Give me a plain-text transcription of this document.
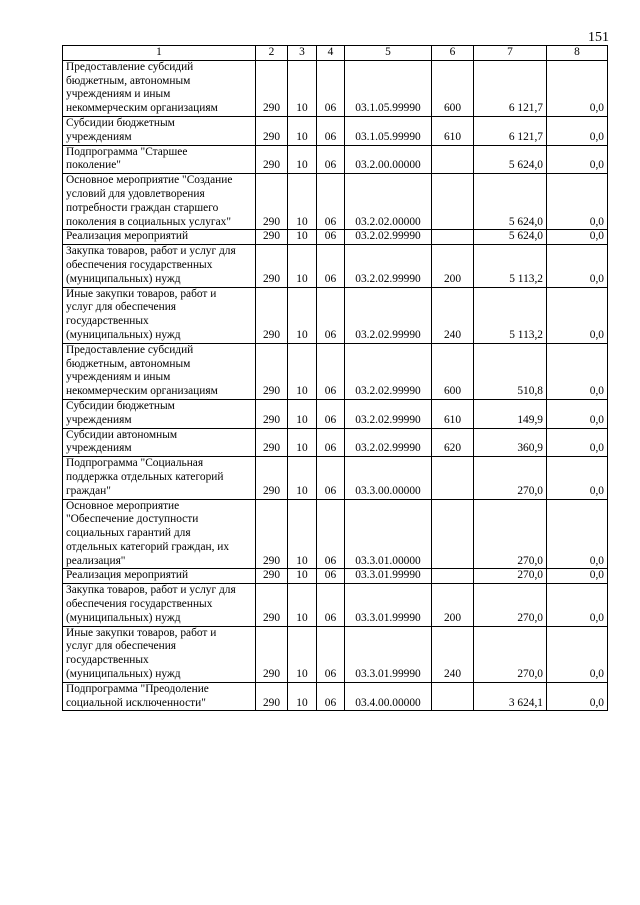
151
1	2	3	4	5	6	7	8
Предоставление субсидий
бюджетным, автономным
учреждениям и иным
некоммерческим организациям	290	10	06	03.1.05.99990	600	6 121,7	0,0
Субсидии бюджетным
учреждениям	290	10	06	03.1.05.99990	610	6 121,7	0,0
Подпрограмма "Старшее
поколение"	290	10	06	03.2.00.00000		5 624,0	0,0
Основное мероприятие "Создание
условий для удовлетворения
потребности граждан старшего
поколения в социальных услугах"	290	10	06	03.2.02.00000		5 624,0	0,0
Реализация мероприятий	290	10	06	03.2.02.99990		5 624,0	0,0
Закупка товаров, работ и услуг для
обеспечения государственных
(муниципальных) нужд	290	10	06	03.2.02.99990	200	5 113,2	0,0
Иные закупки товаров, работ и
услуг для обеспечения
государственных
(муниципальных) нужд	290	10	06	03.2.02.99990	240	5 113,2	0,0
Предоставление субсидий
бюджетным, автономным
учреждениям и иным
некоммерческим организациям	290	10	06	03.2.02.99990	600	510,8	0,0
Субсидии бюджетным
учреждениям	290	10	06	03.2.02.99990	610	149,9	0,0
Субсидии автономным
учреждениям	290	10	06	03.2.02.99990	620	360,9	0,0
Подпрограмма "Социальная
поддержка отдельных категорий
граждан"	290	10	06	03.3.00.00000		270,0	0,0
Основное мероприятие
"Обеспечение доступности
социальных гарантий для
отдельных категорий граждан, их
реализация"	290	10	06	03.3.01.00000		270,0	0,0
Реализация мероприятий	290	10	06	03.3.01.99990		270,0	0,0
Закупка товаров, работ и услуг для
обеспечения государственных
(муниципальных) нужд	290	10	06	03.3.01.99990	200	270,0	0,0
Иные закупки товаров, работ и
услуг для обеспечения
государственных
(муниципальных) нужд	290	10	06	03.3.01.99990	240	270,0	0,0
Подпрограмма "Преодоление
социальной исключенности"	290	10	06	03.4.00.00000		3 624,1	0,0
